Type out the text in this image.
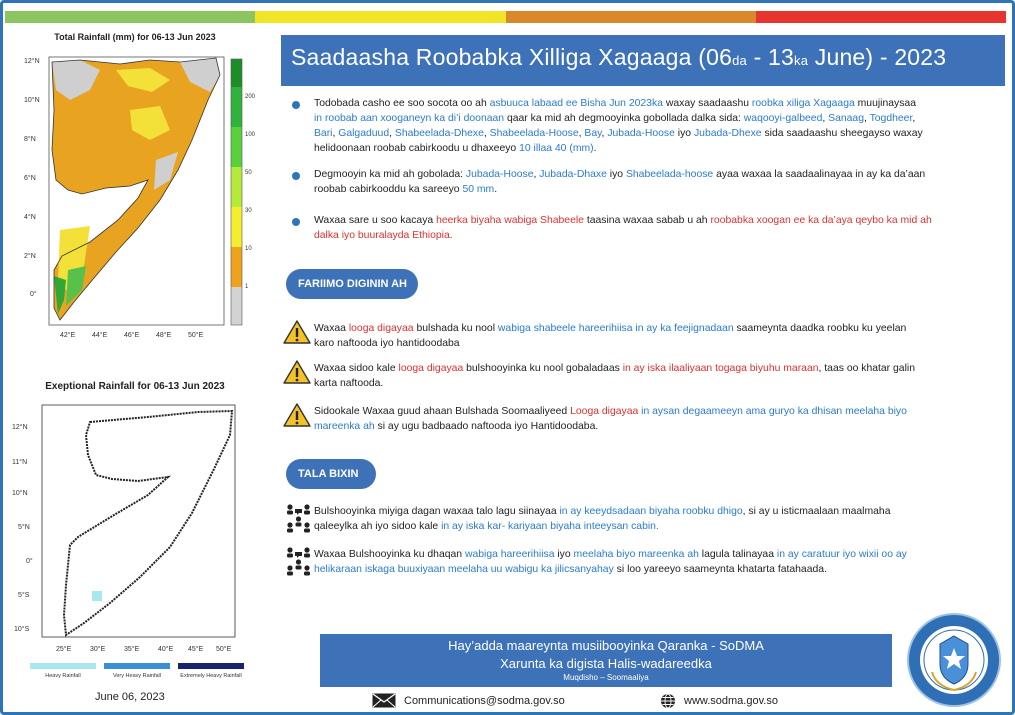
Total Rainfall (mm) for 06-13 Jun 2023
200
100
50
30
10
1
12°N
10°N
8°N
6°N
4°N
2°N
0°
42°E 44°E 46°E 48°E 50°E
Exeptional Rainfall for 06-13 Jun 2023
12°N
11°N
10°N
5°N
0°
5°S
10°S
25°E	30°E	35°E	40°E 45°E 50°E
Heavy Rainfall	Very Heavy Rainfall	Extremely Heavy Rainfall
June 06, 2023
Saadaasha Roobabka Xilliga Xagaaga (06da - 13ka June) - 2023
Todobada casho ee soo socota oo ah asbuuca labaad ee Bisha Jun 2023ka waxay saadaashu roobka xiliga Xagaaga muujinaysaa
in roobab aan xooganeyn ka di’i doonaan qaar ka mid ah degmooyinka gobollada dalka sida: waqooyi-galbeed, Sanaag, Togdheer,
Bari, Galgaduud, Shabeelada-Dhexe, Shabeelada-Hoose, Bay, Jubada-Hoose iyo Jubada-Dhexe sida saadaashu sheegayso waxay
helidoonaan roobab cabirkoodu u dhaxeeyo 10 illaa 40 (mm).
Degmooyin ka mid ah gobolada: Jubada-Hoose, Jubada-Dhaxe iyo Shabeelada-hoose ayaa waxaa la saadaalinayaa in ay ka da’aan
roobab cabirkooddu ka sareeyo 50 mm.
Waxaa sare u soo kacaya heerka biyaha wabiga Shabeele taasina waxaa sabab u ah roobabka xoogan ee ka da’aya qeybo ka mid ah
dalka iyo buuralayda Ethiopia.
FARIIMO DIGININ AH
Waxaa looga digayaa bulshada ku nool wabiga shabeele hareerihiisa in ay ka feejignadaan saameynta daadka roobku ku yeelan
karo naftooda iyo hantidoodaba
Waxaa sidoo kale looga digayaa bulshooyinka ku nool gobaladaas in ay iska ilaaliyaan togaga biyuhu maraan, taas oo khatar galin
karta naftooda.
Sidookale Waxaa guud ahaan Bulshada Soomaaliyeed Looga digayaa in aysan degaameeyn ama guryo ka dhisan meelaha biyo
mareenka ah si ay ugu badbaado naftooda iyo Hantidoodaba.
TALA BIXIN
Bulshooyinka miyiga dagan waxaa talo lagu siinayaa in ay keeydsadaan biyaha roobku dhigo, si ay u isticmaalaan maalmaha
qaleeylka ah iyo sidoo kale in ay iska kar- kariyaan biyaha inteeysan cabin.
Waxaa Bulshooyinka ku dhaqan wabiga hareerihiisa iyo meelaha biyo mareenka ah lagula talinayaa in ay caratuur iyo wixii oo ay
helikaraan iskaga buuxiyaan meelaha uu wabigu ka jilicsanyahay si loo yareeyo saameynta khatarta fatahaada.
Hay’adda maareynta musiibooyinka Qaranka - SoDMA
Xarunta ka digista Halis-wadareedka
Muqdisho – Soomaaliya
Communications@sodma.gov.so	www.sodma.gov.so
